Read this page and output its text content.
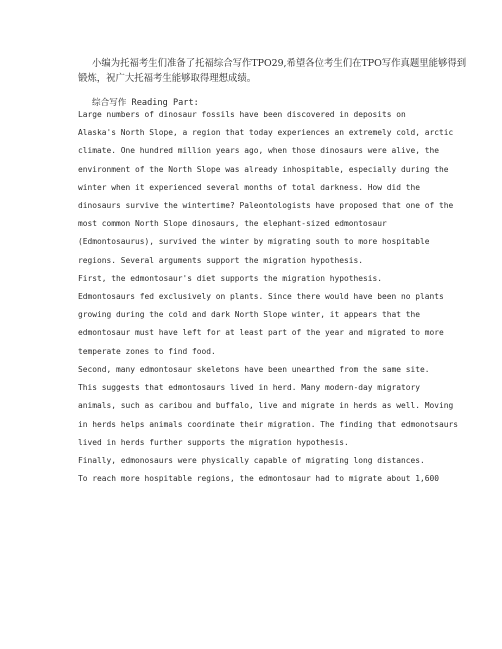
小编为托福考生们准备了托福综合写作TPO29,希望各位考生们在TPO写作真题里能够得到
锻炼，祝广大托福考生能够取得理想成绩。

综合写作 Reading Part:

Large numbers of dinosaur fossils have been discovered in deposits on
Alaska's North Slope, a region that today experiences an extremely cold, arctic
climate. One hundred million years ago, when those dinosaurs were alive, the
environment of the North Slope was already inhospitable, especially during the
winter when it experienced several months of total darkness. How did the
dinosaurs survive the wintertime? Paleontologists have proposed that one of the
most common North Slope dinosaurs, the elephant-sized edmontosaur
(Edmontosaurus), survived the winter by migrating south to more hospitable
regions. Several arguments support the migration hypothesis.

First, the edmontosaur's diet supports the migration hypothesis.

Edmontosaurs fed exclusively on plants. Since there would have been no plants
growing during the cold and dark North Slope winter, it appears that the
edmontosaur must have left for at least part of the year and migrated to more
temperate zones to find food.

Second, many edmontosaur skeletons have been unearthed from the same site.
This suggests that edmontosaurs lived in herd. Many modern-day migratory
animals, such as caribou and buffalo, live and migrate in herds as well. Moving
in herds helps animals coordinate their migration. The finding that edmonotsaurs
lived in herds further supports the migration hypothesis.

Finally, edmonosaurs were physically capable of migrating long distances.

To reach more hospitable regions, the edmontosaur had to migrate about 1,600
